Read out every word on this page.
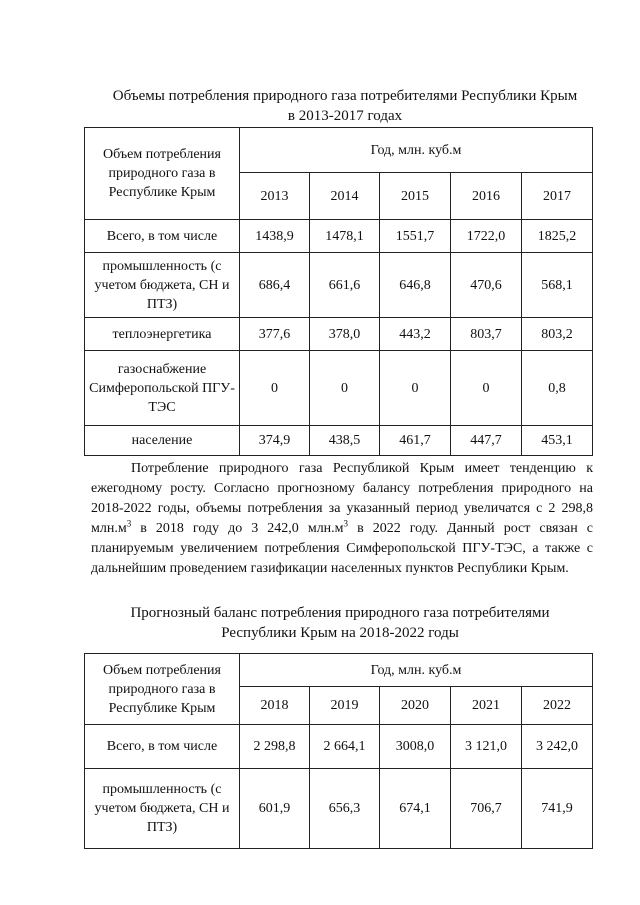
Объемы потребления природного газа потребителями Республики Крым
в 2013-2017 годах
Объем потребления природного газа в Республике Крым	Год, млн. куб.м				
	2013	2014	2015	2016	2017
Всего, в том числе	1438,9	1478,1	1551,7	1722,0	1825,2
промышленность (с учетом бюджета, СН и ПТЗ)	686,4	661,6	646,8	470,6	568,1
теплоэнергетика	377,6	378,0	443,2	803,7	803,2
газоснабжение Симферопольской ПГУ-ТЭС	0	0	0	0	0,8
население	374,9	438,5	461,7	447,7	453,1

Потребление природного газа Республикой Крым имеет тенденцию к ежегодному росту. Согласно прогнозному балансу потребления природного на 2018-2022 годы, объемы потребления за указанный период увеличатся с 2 298,8 $млн.м^3$ в 2018 году до 3 242,0 $млн.м^3$ в 2022 году. Данный рост связан с планируемым увеличением потребления Симферопольской ПГУ-ТЭС, а также с дальнейшим проведением газификации населенных пунктов Республики Крым.

Прогнозный баланс потребления природного газа потребителями
Республики Крым на 2018-2022 годы
Объем потребления природного газа в Республике Крым	Год, млн. куб.м				
	2018	2019	2020	2021	2022
Всего, в том числе	2 298,8	2 664,1	3008,0	3 121,0	3 242,0
промышленность (с учетом бюджета, СН и ПТЗ)	601,9	656,3	674,1	706,7	741,9
